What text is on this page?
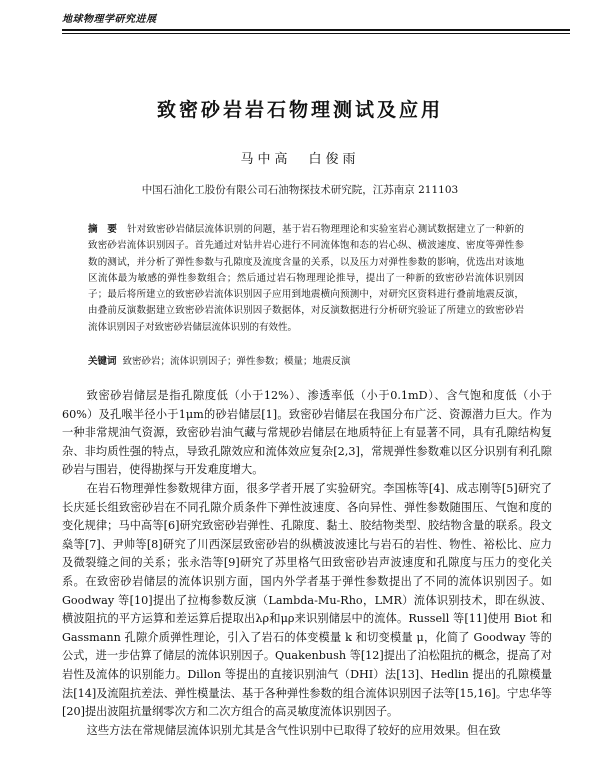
地球物理学研究进展
致密砂岩岩石物理测试及应用
马中高　白俊雨
中国石油化工股份有限公司石油物探技术研究院，江苏南京 211103
摘　要 针对致密砂岩储层流体识别的问题，基于岩石物理理论和实验室岩心测试数据建立了一种新的致密砂岩流体识别因子。首先通过对钻井岩心进行不同流体饱和态的岩心纵、横波速度、密度等弹性参数的测试，并分析了弹性参数与孔隙度及流度含量的关系，以及压力对弹性参数的影响，优选出对该地区流体最为敏感的弹性参数组合；然后通过岩石物理理论推导，提出了一种新的致密砂岩流体识别因子；最后将所建立的致密砂岩流体识别因子应用到地震横向预测中，对研究区资料进行叠前地震反演，由叠前反演数据建立致密砂岩流体识别因子数据体，对反演数据进行分析研究验证了所建立的致密砂岩流体识别因子对致密砂岩储层流体识别的有效性。
关键词 致密砂岩；流体识别因子；弹性参数；模量；地震反演

致密砂岩储层是指孔隙度低（小于12%）、渗透率低（小于0.1mD）、含气饱和度低（小于60%）及孔喉半径小于1μm的砂岩储层[1]。致密砂岩储层在我国分布广泛、资源潜力巨大。作为一种非常规油气资源，致密砂岩油气藏与常规砂岩储层在地质特征上有显著不同，具有孔隙结构复杂、非均质性强的特点，导致孔隙效应和流体效应复杂[2,3]，常规弹性参数难以区分识别有利孔隙砂岩与围岩，使得勘探与开发难度增大。

在岩石物理弹性参数规律方面，很多学者开展了实验研究。李国栋等[4]、成志刚等[5]研究了长庆延长组致密砂岩在不同孔隙介质条件下弹性波速度、各向异性、弹性参数随围压、气饱和度的变化规律；马中高等[6]研究致密砂岩弹性、孔隙度、黏土、胶结物类型、胶结物含量的联系。段文燊等[7]、尹帅等[8]研究了川西深层致密砂岩的纵横波波速比与岩石的岩性、物性、裕松比、应力及微裂缝之间的关系；张永浩等[9]研究了苏里格气田致密砂岩声波速度和孔隙度与压力的变化关系。在致密砂岩储层的流体识别方面，国内外学者基于弹性参数提出了不同的流体识别因子。如 Goodway 等[10]提出了拉梅参数反演（Lambda-Mu-Rho，LMR）流体识别技术，即在纵波、横波阻抗的平方运算和差运算后提取出λρ和μρ来识别储层中的流体。Russell 等[11]使用 Biot 和 Gassmann 孔隙介质弹性理论，引入了岩石的体变模量 k 和切变模量 μ，化简了 Goodway 等的公式，进一步估算了储层的流体识别因子。Quakenbush 等[12]提出了泊松阻抗的概念，提高了对岩性及流体的识别能力。Dillon 等提出的直接识别油气（DHI）法[13]、Hedlin 提出的孔隙模量法[14]及流阻抗差法、弹性模量法、基于各种弹性参数的组合流体识别因子法等[15,16]。宁忠华等[20]提出波阻抗量纲零次方和二次方组合的高灵敏度流体识别因子。

这些方法在常规储层流体识别尤其是含气性识别中已取得了较好的应用效果。但在致
